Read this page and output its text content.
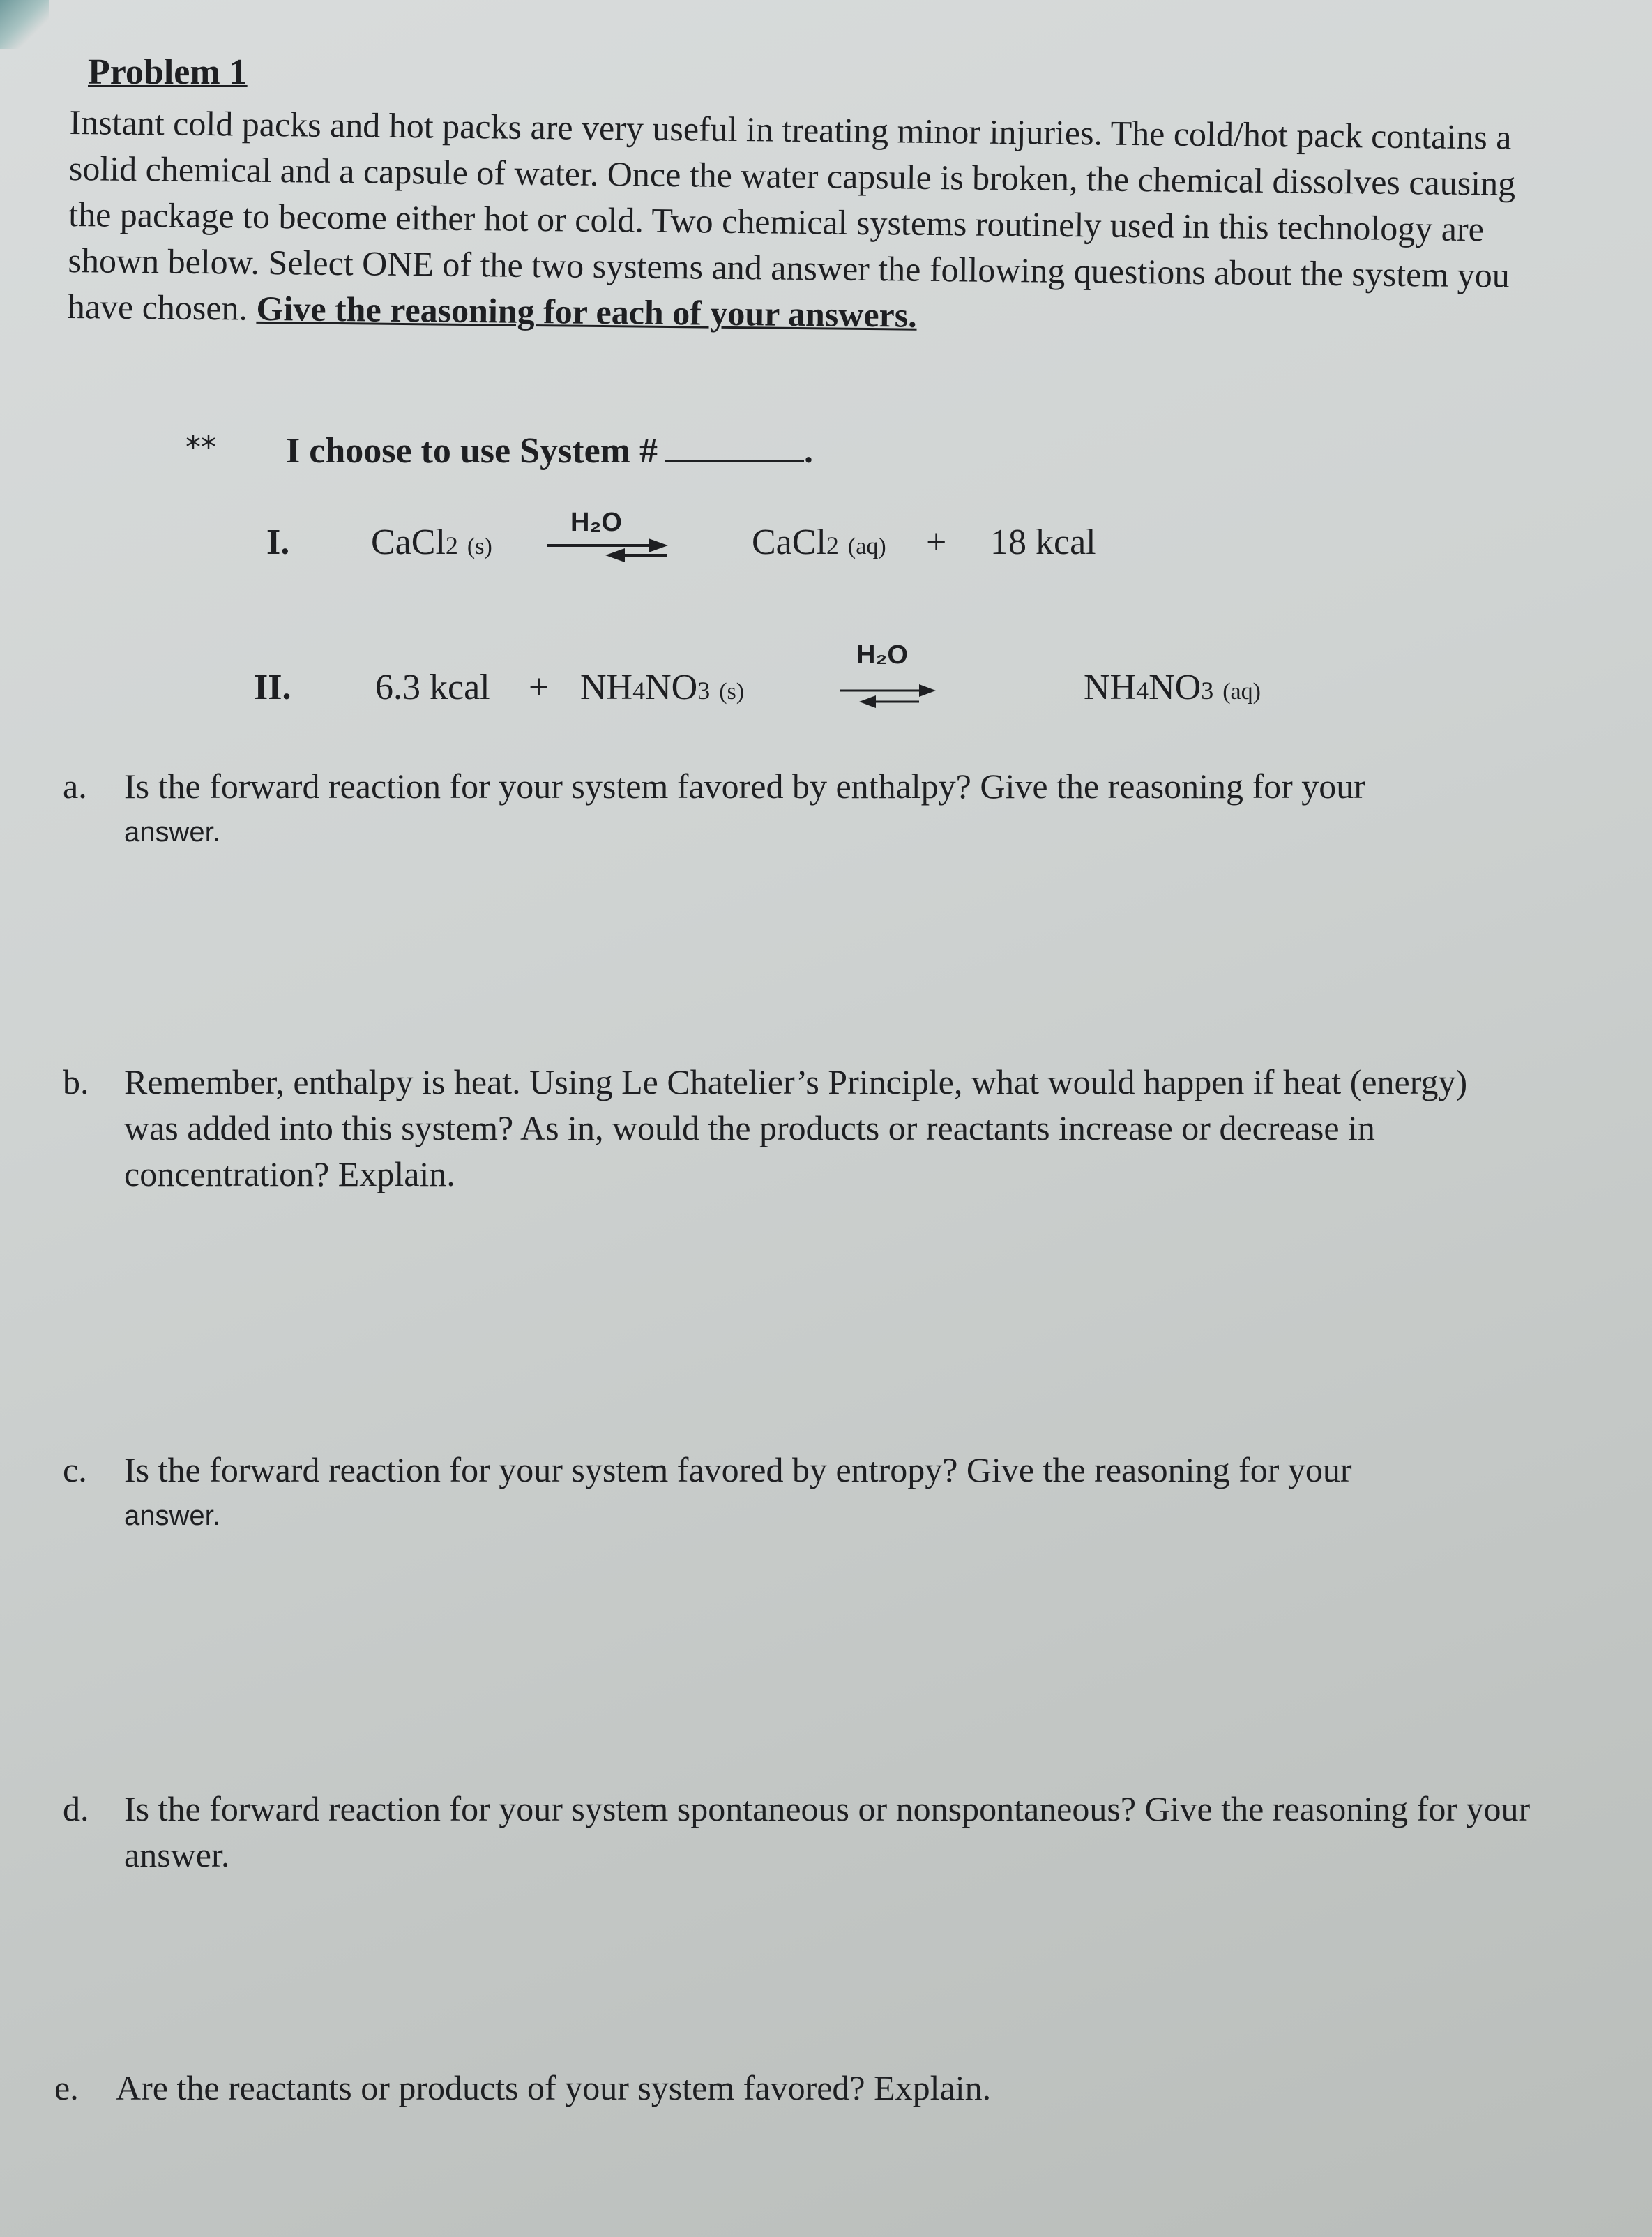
Problem 1
Instant cold packs and hot packs are very useful in treating minor injuries. The cold/hot pack contains a solid chemical and a capsule of water. Once the water capsule is broken, the chemical dissolves causing the package to become either hot or cold. Two chemical systems routinely used in this technology are shown below. Select ONE of the two systems and answer the following questions about the system you have chosen. Give the reasoning for each of your answers.
** I choose to use System #	.
I. CaCl2 (s)
H₂O	CaCl2 (aq) + 18 kcal
II. 6.3 kcal + NH4NO3 (s)
H₂O
NH4NO3 (aq)
a. Is the forward reaction for your system favored by enthalpy? Give the reasoning for your
answer.
b. Remember, enthalpy is heat. Using Le Chatelier’s Principle, what would happen if heat (energy) was added into this system? As in, would the products or reactants increase or decrease in concentration? Explain.
c. Is the forward reaction for your system favored by entropy? Give the reasoning for your
answer.
d. Is the forward reaction for your system spontaneous or nonspontaneous? Give the reasoning for your answer.
e. Are the reactants or products of your system favored? Explain.
